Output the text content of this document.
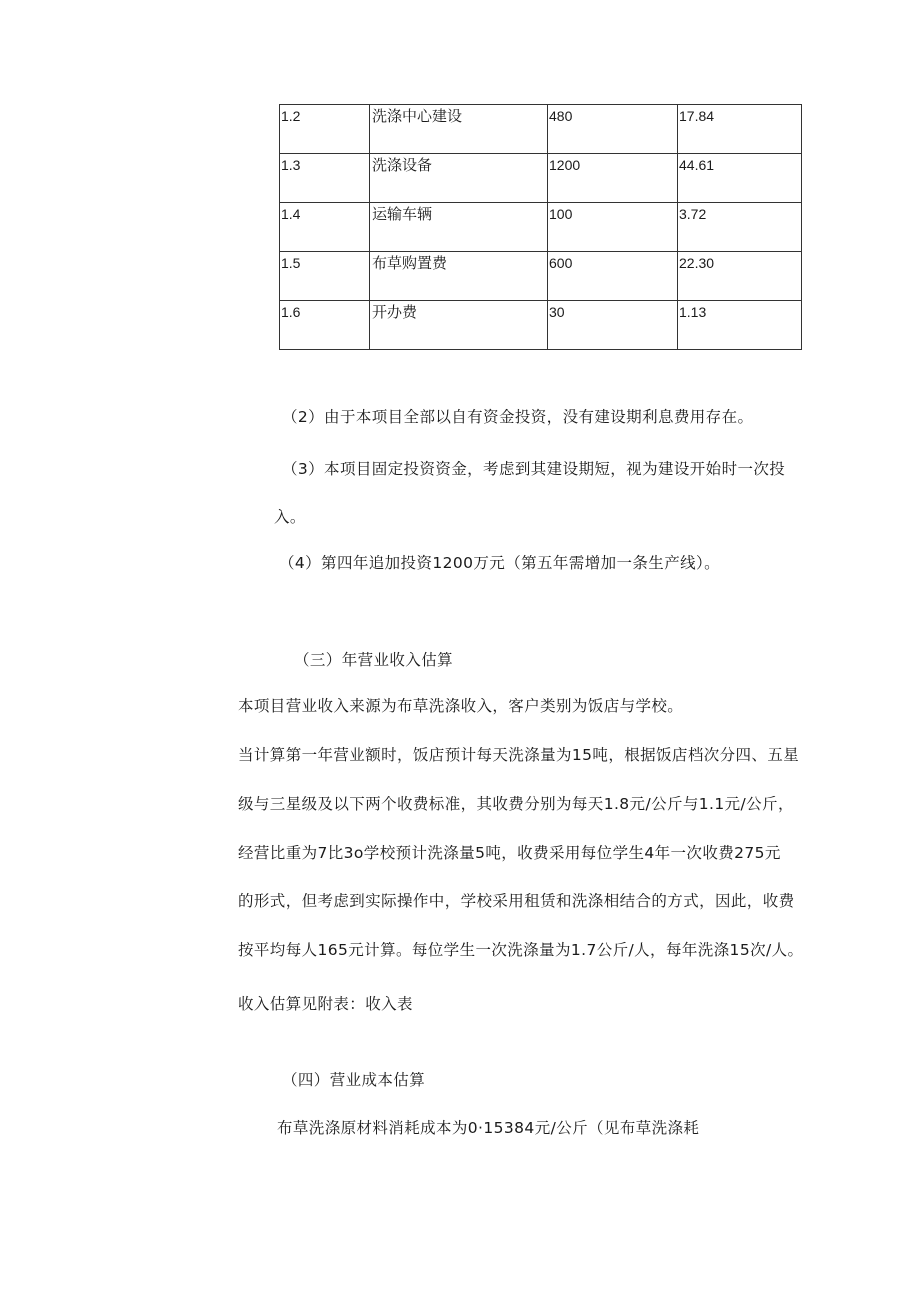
1.2	洗涤中心建设	480	17.84

1.3	洗涤设备	1200	44.61

1.4	运输车辆	100	3.72

1.5	布草购置费	600	22.30

1.6	开办费	30	1.13
（2）由于本项目全部以自有资金投资，没有建设期利息费用存在。
（3）本项目固定投资资金，考虑到其建设期短，视为建设开始时一次投
入。
（4）第四年追加投资1200万元（第五年需增加一条生产线）。
（三）年营业收入估算
本项目营业收入来源为布草洗涤收入，客户类别为饭店与学校。
当计算第一年营业额时，饭店预计每天洗涤量为15吨，根据饭店档次分四、五星
级与三星级及以下两个收费标准，其收费分别为每天1.8元/公斤与1.1元/公斤，
经营比重为7比3o学校预计洗涤量5吨，收费采用每位学生4年一次收费275元
的形式，但考虑到实际操作中，学校采用租赁和洗涤相结合的方式，因此，收费
按平均每人165元计算。每位学生一次洗涤量为1.7公斤/人，每年洗涤15次/人。
收入估算见附表：收入表
（四）营业成本估算
布草洗涤原材料消耗成本为0·15384元/公斤（见布草洗涤耗
